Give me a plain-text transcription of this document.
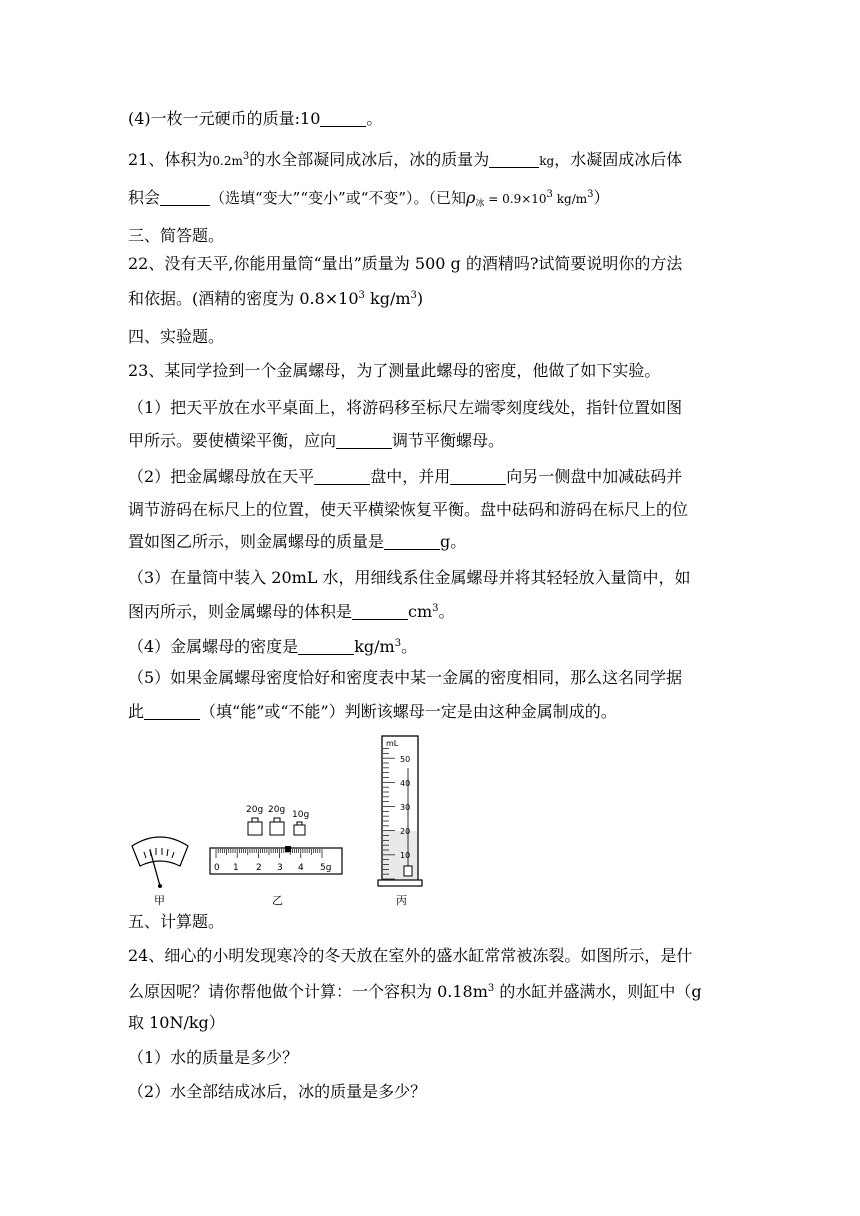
(4)一枚一元硬币的质量:10	。
21、体积为$0.2m^3$的水全部凝同成冰后，冰的质量为	kg，水凝固成冰后体
积会	（选填“变大”“变小”或“不变”）。（已知$\rho_冰 = 0.9\times 10^3$ $kg/m^3$）
三、简答题。
22、没有天平,你能用量筒“量出”质量为 500 g 的酒精吗?试简要说明你的方法
和依据。(酒精的密度为 $0.8\times 10^3$ $kg/m^3$)
四、实验题。
23、某同学捡到一个金属螺母，为了测量此螺母的密度，他做了如下实验。
（1）把天平放在水平桌面上，将游码移至标尺左端零刻度线处，指针位置如图
甲所示。要使横梁平衡，应向	调节平衡螺母。
（2）把金属螺母放在天平	盘中，并用	向另一侧盘中加减砝码并
调节游码在标尺上的位置，使天平横梁恢复平衡。盘中砝码和游码在标尺上的位
置如图乙所示，则金属螺母的质量是	g。
（3）在量筒中装入 20mL 水，用细线系住金属螺母并将其轻轻放入量筒中，如
图丙所示，则金属螺母的体积是	$cm^3$。
（4）金属螺母的密度是	$kg/m^3$。
（5）如果金属螺母密度恰好和密度表中某一金属的密度相同，那么这名同学据
此	（填“能”或“不能”）判断该螺母一定是由这种金属制成的。
甲
20g 20g 10g
0 1 2 3 4 5g
乙
mL
50
40
30
20
10
丙
五、计算题。
24、细心的小明发现寒冷的冬天放在室外的盛水缸常常被冻裂。如图所示，是什
么原因呢？请你帮他做个计算：一个容积为 $0.18m^3$ 的水缸并盛满水，则缸中（g
取 10N/kg）
（1）水的质量是多少？
（2）水全部结成冰后，冰的质量是多少？
